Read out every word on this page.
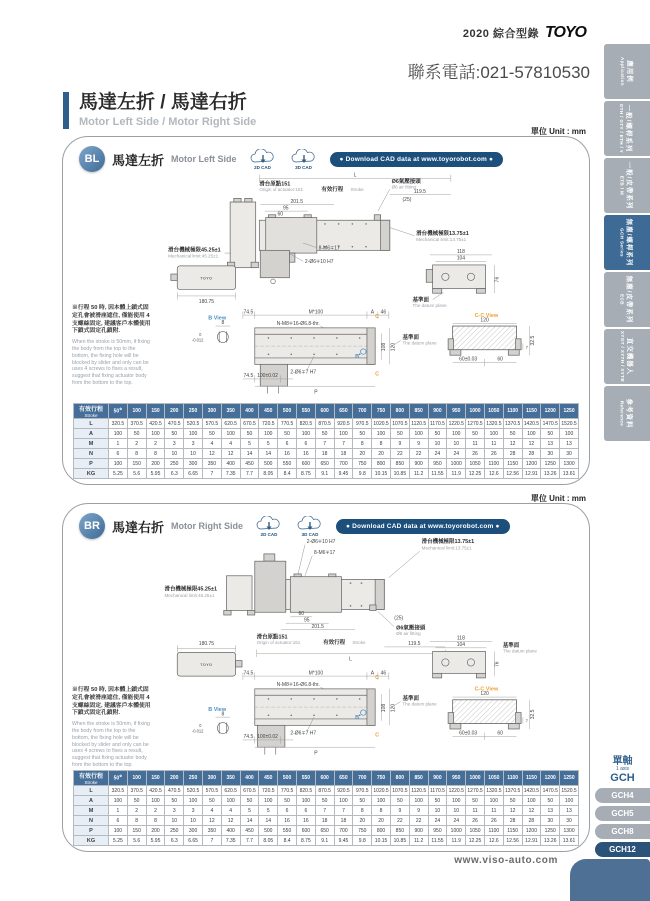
2020 綜合型錄 TOYO
聯系電話:021-57810530
馬達左折 / 馬達右折
Motor Left Side / Motor Right Side
應用例
Application
一般/螺桿系列
GTH / GTY / ETH / Y
一般/皮帶系列
ETB / M
無塵/螺桿系列
GCH Series
無塵/皮帶系列
ECB
直交機器人
XYGT / XYTH / XYTB
參考資料
Reference
單位 Unit : mm
單位 Unit : mm
BL 馬達左折 Motor Left Side
2D CAD	3D CAD
● Download CAD data at www.toyorobot.com ●
L
滑台原點151
Origin of actuator:151	有效行程 Stroke	119.5
Ø6氣壓接頭
Ø6 air fitting
(25)
201.5
95
60
8-M6∓17
2-Ø6∓10 H7
滑台機械極限13.75±1
Mechanical limit:13.75±1
滑台機械極限45.25±1
Mechanical limit:45.25±1
TOYO
180.75
B View
8
0
-0.012
74.5	M*100	A 46
N-M8∓16-Ø6.8-thr.
2-Ø6∓7 H7
74.5 100±0.02
P
C
C
108 120
B
基準面
The datum plane
118
104
76
基準面
The datum plane
C-C View
120
60±0.03	60
7
32.5
※行程 50 時, 因本體上鎖式固定孔會被滑座遮住, 僅能使用 4 支螺絲固定, 建議客戶本體使用下鎖式固定孔鎖附.
When the stroke is 50mm, if fixing the body from the top to the bottom, the fixing hole will be blocked by slider and only can be uses 4 screws to fixes a result, suggest that fixing actuator body from the bottom to the top.
有效行程
Stroke	50※	100	150	200	250	300	350	400	450	500	550	600	650	700	750	800	850	900	950	1000	1050	1100	1150	1200	1250
L	320.5	370.5	420.5	470.5	520.5	570.5	620.5	670.5	720.5	770.5	820.5	870.5	920.5	970.5	1020.5	1070.5	1120.5	1170.5	1220.5	1270.5	1320.5	1370.5	1420.5	1470.5	1520.5
A	100	50	100	50	100	50	100	50	100	50	100	50	100	50	100	50	100	50	100	50	100	50	100	50	100
M	1	2	2	3	3	4	4	5	5	6	6	7	7	8	8	9	9	10	10	11	11	12	12	13	13
N	6	8	8	10	10	12	12	14	14	16	16	18	18	20	20	22	22	24	24	26	26	28	28	30	30
P	100	150	200	250	300	350	400	450	500	550	600	650	700	750	800	850	900	950	1000	1050	1100	1150	1200	1250	1300
KG	5.25	5.6	5.95	6.3	6.65	7	7.35	7.7	8.05	8.4	8.75	9.1	9.45	9.8	10.15	10.85	11.2	11.55	11.9	12.25	12.6	12.56	12.91	13.26	13.61
BR 馬達右折 Motor Right Side
2D CAD	3D CAD
● Download CAD data at www.toyorobot.com ●
2-Ø6∓10 H7
8-M6∓17
滑台機械極限13.75±1
Mechanical limit:13.75±1
(25)
Ø6氣壓接頭
Ø6 air fitting
60
95
201.5
滑台原點151
Origin of actuator:151	有效行程 Stroke	119.5
L
滑台機械極限45.25±1
Mechanical limit:45.25±1
180.75
TOYO
B View
8
0
-0.012
74.5	M*100	A 46
N-M8∓16-Ø6.8-thr.
2-Ø6∓7 H7
74.5 100±0.02
P
C
C
108 120
B
基準面
The datum plane
118
104
76
基準面
The datum plane
C-C View
120
60±0.03	60
7
32.5
※行程 50 時, 因本體上鎖式固定孔會被滑座遮住, 僅能使用 4 支螺絲固定, 建議客戶本體使用下鎖式固定孔鎖附.
When the stroke is 50mm, if fixing the body from the top to the bottom, the fixing hole will be blocked by slider and only can be uses 4 screws to fixes a result, suggest that fixing actuator body from the bottom to the top.
有效行程
Stroke	50※	100	150	200	250	300	350	400	450	500	550	600	650	700	750	800	850	900	950	1000	1050	1100	1150	1200	1250
L	320.5	370.5	420.5	470.5	520.5	570.5	620.5	670.5	720.5	770.5	820.5	870.5	920.5	970.5	1020.5	1070.5	1120.5	1170.5	1220.5	1270.5	1320.5	1370.5	1420.5	1470.5	1520.5
A	100	50	100	50	100	50	100	50	100	50	100	50	100	50	100	50	100	50	100	50	100	50	100	50	100
M	1	2	2	3	3	4	4	5	5	6	6	7	7	8	8	9	9	10	10	11	11	12	12	13	13
N	6	8	8	10	10	12	12	14	14	16	16	18	18	20	20	22	22	24	24	26	26	28	28	30	30
P	100	150	200	250	300	350	400	450	500	550	600	650	700	750	800	850	900	950	1000	1050	1100	1150	1200	1250	1300
KG	5.25	5.6	5.95	6.3	6.65	7	7.35	7.7	8.05	8.4	8.75	9.1	9.45	9.8	10.15	10.85	11.2	11.55	11.9	12.25	12.6	12.56	12.91	13.26	13.61
單軸
1 axis
GCH
GCH4
GCH5
GCH8
GCH12
www.viso-auto.com
